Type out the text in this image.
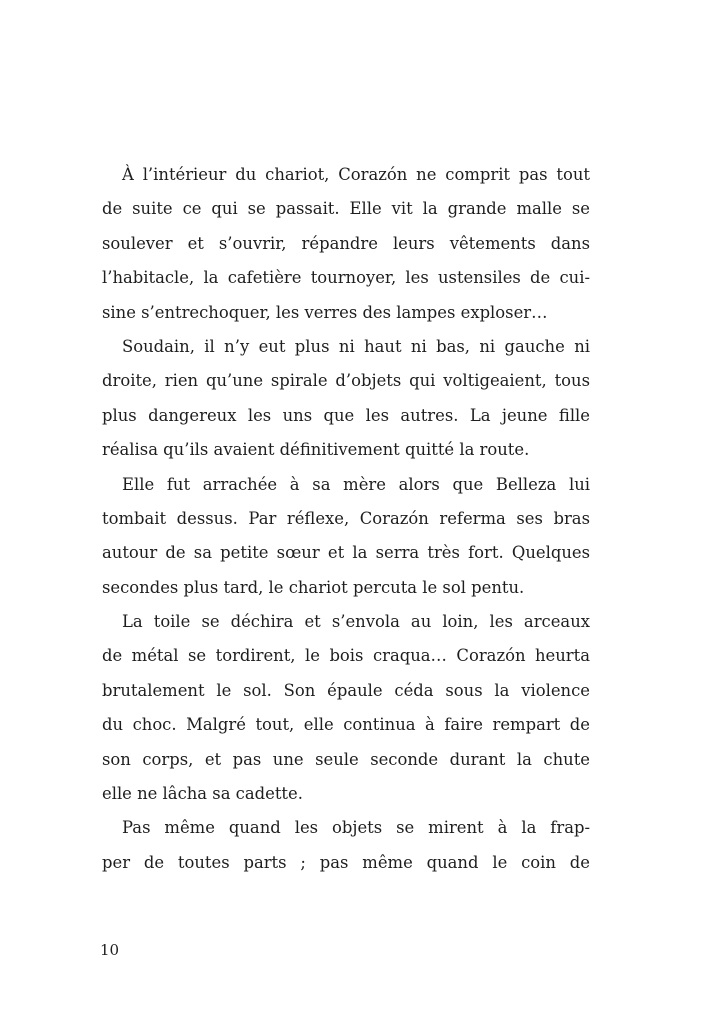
À l’intérieur du chariot, Corazón ne comprit pas tout
de suite ce qui se passait. Elle vit la grande malle se
soulever et s’ouvrir, répandre leurs vêtements dans
l’habitacle, la cafetière tournoyer, les ustensiles de cui-
sine s’entrechoquer, les verres des lampes exploser…
Soudain, il n’y eut plus ni haut ni bas, ni gauche ni
droite, rien qu’une spirale d’objets qui voltigeaient, tous
plus dangereux les uns que les autres. La jeune fille
réalisa qu’ils avaient définitivement quitté la route.
Elle fut arrachée à sa mère alors que Belleza lui
tombait dessus. Par réflexe, Corazón referma ses bras
autour de sa petite sœur et la serra très fort. Quelques
secondes plus tard, le chariot percuta le sol pentu.
La toile se déchira et s’envola au loin, les arceaux
de métal se tordirent, le bois craqua… Corazón heurta
brutalement le sol. Son épaule céda sous la violence
du choc. Malgré tout, elle continua à faire rempart de
son corps, et pas une seule seconde durant la chute
elle ne lâcha sa cadette.
Pas même quand les objets se mirent à la frap-
per de toutes parts ; pas même quand le coin de
10
